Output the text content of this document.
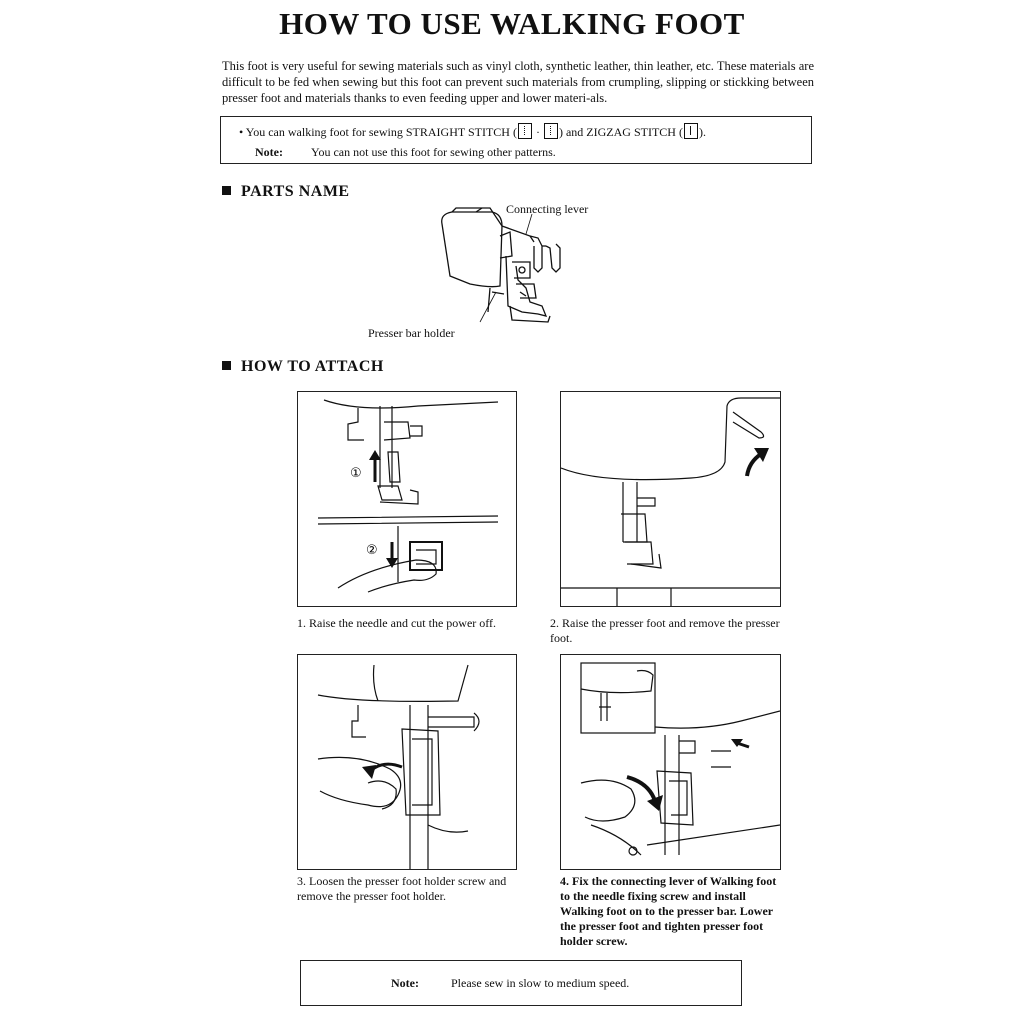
HOW TO USE WALKING FOOT
This foot is very useful for sewing materials such as vinyl cloth, synthetic leather, thin leather, etc. These materials are difficult to be fed when sewing but this foot can prevent such materials from crumpling, slipping or stickking between presser foot and materials thanks to even feeding upper and lower materi-als.
• You can walking foot for sewing STRAIGHT STITCH (
·
) and ZIGZAG STITCH ( ).
Note: You can not use this foot for sewing other patterns.
PARTS NAME
Connecting lever
Presser bar holder
HOW TO ATTACH
①
②
1. Raise the needle and cut the power off.	2. Raise the presser foot and remove the presser foot.
3. Loosen the presser foot holder screw and remove the presser foot holder.
4. Fix the connecting lever of Walking foot to the needle fixing screw and install Walking foot on to the presser bar. Lower the presser foot and tighten presser foot holder screw.
Note:	Please sew in slow to medium speed.
